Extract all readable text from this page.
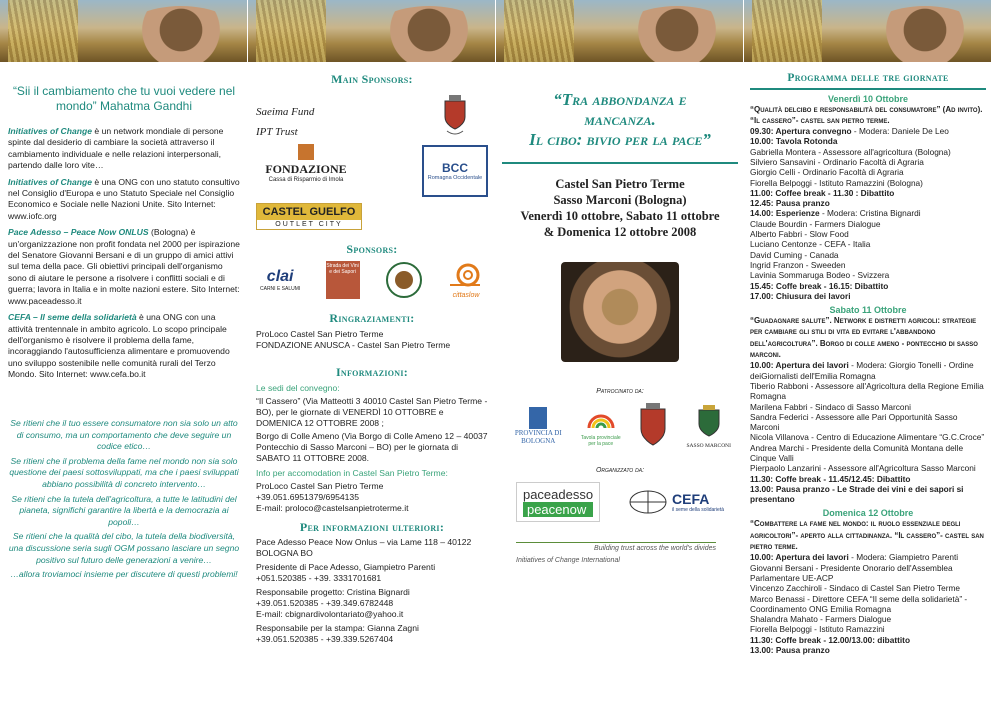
“Sii il cambiamento che tu vuoi vedere nel mondo” Mahatma Gandhi
Initiatives of Change è un network mondiale di persone spinte dal desiderio di cambiare la società attraverso il cambiamento individuale e nelle relazioni interpersonali, partendo dalle loro vite…
Initiatives of Change è una ONG con uno statuto consultivo nel Consiglio d'Europa e uno Statuto Speciale nel Consiglio Economico e Sociale nelle Nazioni Unite. Sito Internet: www.iofc.org
Pace Adesso – Peace Now ONLUS (Bologna) è un'organizzazione non profit fondata nel 2000 per ispirazione del Senatore Giovanni Bersani e di un gruppo di amici attivi sul tema della pace. Gli obiettivi principali dell'organismo sono di aiutare le persone a risolvere i conflitti sociali e di guerra; lavora in Italia e in molte nazioni estere. Sito Internet: www.paceadesso.it
CEFA – Il seme della solidarietà è una ONG con una attività trentennale in ambito agricolo. Lo scopo principale dell'organismo è risolvere il problema della fame, incoraggiando l'autosufficienza alimentare e promuovendo uno sviluppo sostenibile nelle comunità rurali del Terzo Mondo. Sito Internet: www.cefa.bo.it
Se ritieni che il tuo essere consumatore non sia solo un atto di consumo, ma un comportamento che deve seguire un codice etico…
Se ritieni che il problema della fame nel mondo non sia solo questione dei paesi sottosviluppati, ma che i paesi sviluppati abbiano possibilità di concreto intervento…
Se ritieni che la tutela dell'agricoltura, a tutte le latitudini del pianeta, significhi garantire la libertà e la democrazia ai popoli…
Se ritieni che la qualità del cibo, la tutela della biodiversità, una discussione seria sugli OGM possano lasciare un segno positivo sul futuro delle generazioni a venire…
…allora troviamoci insieme per discutere di questi problemi!
Main Sponsors:
Saeima Fund
IPT Trust
FONDAZIONE
Cassa di Risparmio di Imola
BCC
Romagna Occidentale
CASTEL GUELFO
OUTLET CITY
Sponsors:
clai
CARNI E SALUMI
Strada dei Vini e dei Sapori
cittaslow
Ringraziamenti:
ProLoco Castel San Pietro Terme
FONDAZIONE ANUSCA - Castel San Pietro Terme
Informazioni:
Le sedi del convegno:
“Il Cassero” (Via Matteotti 3 40010 Castel San Pietro Terme - BO), per le giornate di VENERDÌ 10 OTTOBRE e DOMENICA 12 OTTOBRE 2008 ;
Borgo di Colle Ameno (Via Borgo di Colle Ameno 12 – 40037 Pontecchio di Sasso Marconi – BO) per le giornata di SABATO 11 OTTOBRE 2008.
Info per accomodation in Castel San Pietro Terme:
ProLoco Castel San Pietro Terme
+39.051.6951379/6954135
E-mail: proloco@castelsanpietroterme.it
Per informazioni ulteriori:
Pace Adesso Peace Now Onlus – via Lame 118 – 40122 BOLOGNA BO
Presidente di Pace Adesso, Giampietro Parenti
+051.520385 - +39. 3331701681
Responsabile progetto: Cristina Bignardi
+39.051.520385 - +39.349.6782448
E-mail: cbignardivolontariato@yahoo.it
Responsabile per la stampa: Gianna Zagni
+39.051.520385 - +39.339.5267404
“Tra abbondanza e
mancanza.
Il cibo: bivio per la pace”
Castel San Pietro Terme
Sasso Marconi (Bologna)
Venerdì 10 ottobre, Sabato 11 ottobre
& Domenica 12 ottobre 2008
Patrocinato da:
PROVINCIA DI BOLOGNA	Tavola provinciale per la pace	SASSO MARCONI
Organizzato da:
paceadesso
peacenow
CEFA
il seme della solidarietà
Building trust across the world's divides
Initiatives of Change International
Programma delle tre giornate
Venerdì 10 Ottobre
“Qualità delcibo e responsabilità del consumatore” (Ad invito). “Il cassero”- castel san pietro terme.
09.30: Apertura convegno - Modera: Daniele De Leo
10.00: Tavola Rotonda
Gabriella Montera - Assessore all'agricoltura (Bologna)
Silviero Sansavini - Ordinario Facoltà di Agraria
Giorgio Celli - Ordinario Facoltà di Agraria
Fiorella Belpoggi - Istituto Ramazzini (Bologna)
11.00: Coffee break - 11.30 : Dibattito
12.45: Pausa pranzo
14.00: Esperienze - Modera: Cristina Bignardi
Claude Bourdin - Farmers Dialogue
Alberto Fabbri - Slow Food
Luciano Centonze - CEFA - Italia
David Cuming - Canada
Ingrid Franzon - Sweeden
Lavinia Sommaruga Bodeo - Svizzera
15.45: Coffe break - 16.15: Dibattito
17.00: Chiusura dei lavori
Sabato 11 Ottobre
“Guadagnare salute”. Network e distretti agricoli: strategie per cambiare gli stili di vita ed evitare l'abbandono dell'agricoltura”. Borgo di colle ameno - pontecchio di sasso marconi.
10.00: Apertura dei lavori - Modera: Giorgio Tonelli - Ordine deiGiornalisti dell'Emilia Romagna
Tiberio Rabboni - Assessore all'Agricoltura della Regione Emilia Romagna
Marilena Fabbri - Sindaco di Sasso Marconi
Sandra Federici - Assessore alle Pari Opportunità Sasso Marconi
Nicola Villanova - Centro di Educazione Alimentare “G.C.Croce”
Andrea Marchi - Presidente della Comunità Montana delle Cinque Valli
Pierpaolo Lanzarini - Assessore all'Agricoltura Sasso Marconi
11.30: Coffe break - 11.45/12.45: Dibattito
13.00: Pausa pranzo - Le Strade dei vini e dei sapori si presentano
Domenica 12 Ottobre
“Combattere la fame nel mondo: il ruolo essenziale degli agricoltori”- aperto alla cittadinanza. “Il cassero”- castel san pietro terme.
10.00: Apertura dei lavori - Modera: Giampietro Parenti
Giovanni Bersani - Presidente Onorario dell'Assemblea Parlamentare UE-ACP
Vincenzo Zacchiroli - Sindaco di Castel San Pietro Terme
Marco Benassi - Direttore CEFA “Il seme della solidarietà” - Coordinamento ONG Emilia Romagna
Shalandra Mahato - Farmers Dialogue
Fiorella Belpoggi - Istituto Ramazzini
11.30: Coffe break - 12.00/13.00: dibattito
13.00: Pausa pranzo
